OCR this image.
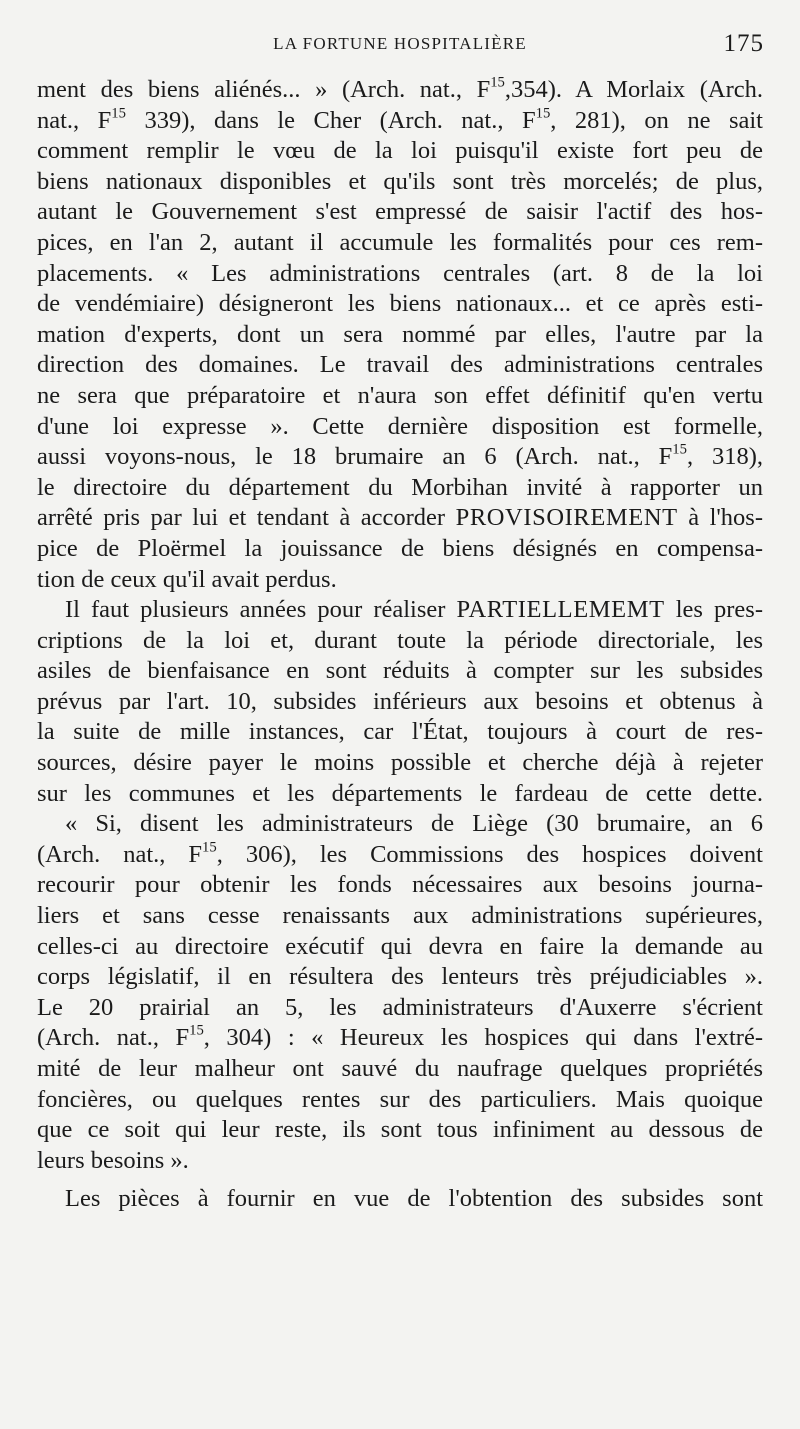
LA FORTUNE HOSPITALIÈRE	175
ment des biens aliénés... » (Arch. nat., $F^{15},354$). A Morlaix (Arch.
nat., $F^{15}$ 339), dans le Cher (Arch. nat., $F^{15}$, 281), on ne sait
comment remplir le vœu de la loi puisqu'il existe fort peu de
biens nationaux disponibles et qu'ils sont très morcelés; de plus,
autant le Gouvernement s'est empressé de saisir l'actif des hos-
pices, en l'an 2, autant il accumule les formalités pour ces rem-
placements. « Les administrations centrales (art. 8 de la loi
de vendémiaire) désigneront les biens nationaux... et ce après esti-
mation d'experts, dont un sera nommé par elles, l'autre par la
direction des domaines. Le travail des administrations centrales
ne sera que préparatoire et n'aura son effet définitif qu'en vertu
d'une loi expresse ». Cette dernière disposition est formelle,
aussi voyons-nous, le 18 brumaire an 6 (Arch. nat., $F^{15}$, 318),
le directoire du département du Morbihan invité à rapporter un
arrêté pris par lui et tendant à accorder PROVISOIREMENT à l'hos-
pice de Ploërmel la jouissance de biens désignés en compensa-
tion de ceux qu'il avait perdus.
Il faut plusieurs années pour réaliser PARTIELLEMEMT les pres-
criptions de la loi et, durant toute la période directoriale, les
asiles de bienfaisance en sont réduits à compter sur les subsides
prévus par l'art. 10, subsides inférieurs aux besoins et obtenus à
la suite de mille instances, car l'État, toujours à court de res-
sources, désire payer le moins possible et cherche déjà à rejeter
sur les communes et les départements le fardeau de cette dette.
« Si, disent les administrateurs de Liège (30 brumaire, an 6
(Arch. nat., $F^{15}$, 306), les Commissions des hospices doivent
recourir pour obtenir les fonds nécessaires aux besoins journa-
liers et sans cesse renaissants aux administrations supérieures,
celles-ci au directoire exécutif qui devra en faire la demande au
corps législatif, il en résultera des lenteurs très préjudiciables ».
Le 20 prairial an 5, les administrateurs d'Auxerre s'écrient
(Arch. nat., $F^{15}$, 304) : « Heureux les hospices qui dans l'extré-
mité de leur malheur ont sauvé du naufrage quelques propriétés
foncières, ou quelques rentes sur des particuliers. Mais quoique
que ce soit qui leur reste, ils sont tous infiniment au dessous de
leurs besoins ».
Les pièces à fournir en vue de l'obtention des subsides sont
